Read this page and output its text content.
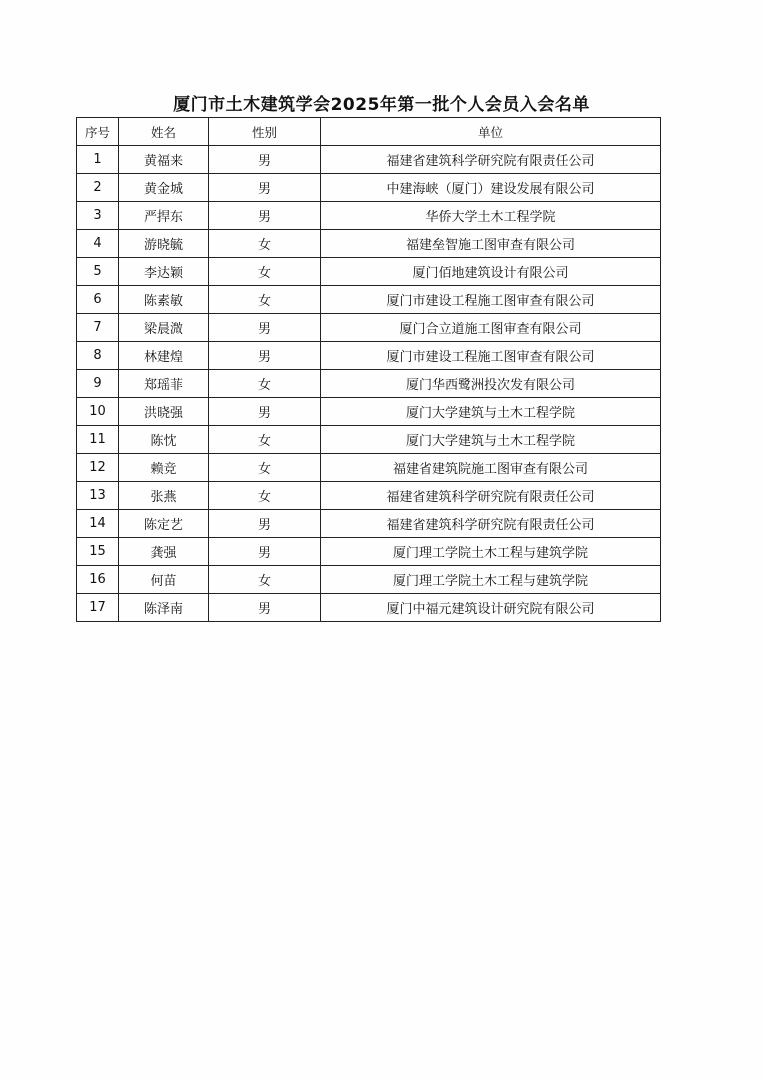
厦门市土木建筑学会2025年第一批个人会员入会名单
序号	姓名	性别	单位
1	黄福来	男	福建省建筑科学研究院有限责任公司
2	黄金城	男	中建海峡（厦门）建设发展有限公司
3	严捍东	男	华侨大学土木工程学院
4	游晓毓	女	福建垒智施工图审查有限公司
5	李达颖	女	厦门佰地建筑设计有限公司
6	陈素敏	女	厦门市建设工程施工图审查有限公司
7	梁晨溦	男	厦门合立道施工图审查有限公司
8	林建煌	男	厦门市建设工程施工图审查有限公司
9	郑瑶菲	女	厦门华西鹭洲投次发有限公司
10	洪晓强	男	厦门大学建筑与土木工程学院
11	陈忱	女	厦门大学建筑与土木工程学院
12	赖竞	女	福建省建筑院施工图审查有限公司
13	张燕	女	福建省建筑科学研究院有限责任公司
14	陈定艺	男	福建省建筑科学研究院有限责任公司
15	龚强	男	厦门理工学院土木工程与建筑学院
16	何苗	女	厦门理工学院土木工程与建筑学院
17	陈泽南	男	厦门中福元建筑设计研究院有限公司
